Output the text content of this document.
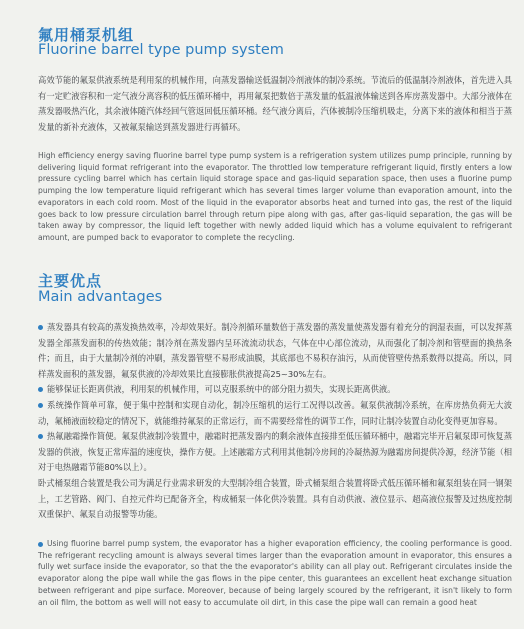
氟用桶泵机组
Fluorine barrel type pump system

高效节能的氟泵供液系统是利用泵的机械作用，向蒸发器输送低温制冷剂液体的制冷系统。节流后的低温制冷剂液体，首先进入具有一定贮液容积和一定气液分离容积的低压循环桶中，再用氟泵把数倍于蒸发量的低温液体输送到各库房蒸发器中。大部分液体在蒸发器吸热汽化，其余液体随汽体经回气管返回低压循环桶。经气液分离后，汽体被制冷压缩机吸走，分离下来的液体和相当于蒸发量的新补充液体，又被氟泵输送到蒸发器进行再循环。

High efficiency energy saving fluorine barrel type pump system is a refrigeration system utilizes pump principle, running by delivering liquid format refrigerant into the evaporator. The throttled low temperature refrigerant liquid, firstly enters a low pressure cycling barrel which has certain liquid storage space and gas-liquid separation space, then uses a fluorine pump pumping the low temperature liquid refrigerant which has several times larger volume than evaporation amount, into the evaporators in each cold room. Most of the liquid in the evaporator absorbs heat and turned into gas, the rest of the liquid goes back to low pressure circulation barrel through return pipe along with gas, after gas-liquid separation, the gas will be taken away by compressor, the liquid left together with newly added liquid which has a volume equivalent to refrigerant amount, are pumped back to evaporator to complete the recycling.

主要优点
Main advantages
蒸发器具有较高的蒸发换热效率，冷却效果好。制冷剂循环量数倍于蒸发器的蒸发量使蒸发器有着充分的润湿表面，可以发挥蒸发器全部蒸发面积的传热效能；制冷剂在蒸发器内呈环流流动状态，气体在中心部位流动，从而强化了制冷剂和管壁面的换热条件；而且，由于大量制冷剂的冲刷，蒸发器管壁不易形成油膜，其底部也不易积存油污，从而使管壁传热系数得以提高。所以，同样蒸发面积的蒸发器，氟泵供液的冷却效果比直接膨胀供液提高25~30%左右。
能够保证长距离供液，利用泵的机械作用，可以克服系统中的部分阻力损失，实现长距离供液。
系统操作简单可靠，便于集中控制和实现自动化，制冷压缩机的运行工况得以改善。氟泵供液制冷系统，在库房热负荷无大波动，氟桶液面较稳定的情况下，就能维持氟泵的正常运行，而不需要经常性的调节工作，同时让制冷装置自动化变得更加容易。
热氟融霜操作简便。氟泵供液制冷装置中，融霜时把蒸发器内的剩余液体直接排至低压循环桶中，融霜完毕开启氟泵即可恢复蒸发器的供液，恢复正常库温的速度快，操作方便。上述融霜方式利用其他制冷房间的冷凝热源为融霜房间提供冷源，经济节能（相对于电热融霜节能80%以上）。
卧式桶泵组合装置是我公司为满足行业需求研发的大型制冷组合装置，卧式桶泵组合装置将卧式低压循环桶和氟泵组装在同一钢架上，工艺管路、阀门、自控元件均已配备齐全，构成桶泵一体化供冷装置。具有自动供液、液位显示、超高液位报警及过热度控制双重保护、氟泵自动报警等功能。

Using fluorine barrel pump system, the evaporator has a higher evaporation efficiency, the cooling performance is good. The refrigerant recycling amount is always several times larger than the evaporation amount in evaporator, this ensures a fully wet surface inside the evaporator, so that the the evaporator's ability can all play out. Refrigerant circulates inside the evaporator along the pipe wall while the gas flows in the pipe center, this guarantees an excellent heat exchange situation between refrigerant and pipe surface. Moreover, because of being largely scoured by the refrigerant, it isn't likely to form an oil film, the bottom as well will not easy to accumulate oil dirt, in this case the pipe wall can remain a good heat
